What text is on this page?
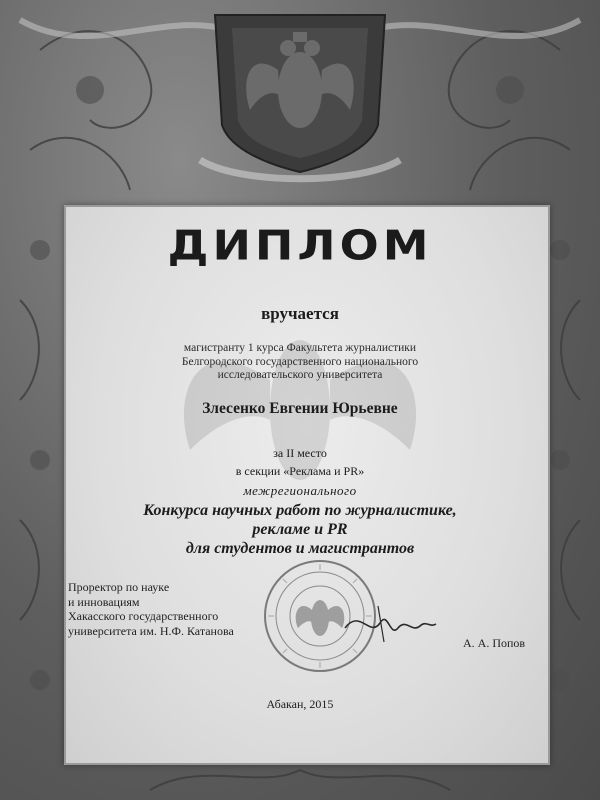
ДИПЛОМ
вручается
магистранту 1 курса Факультета журналистики
Белгородского государственного национального
исследовательского университета
Злесенко Евгении Юрьевне
за II место
в секции «Реклама и PR»
межрегионального
Конкурса научных работ по журналистике,
рекламе и PR
для студентов и магистрантов
Проректор по науке
и инновациям
Хакасского государственного
университета им. Н.Ф. Катанова
А. А. Попов
Абакан, 2015
